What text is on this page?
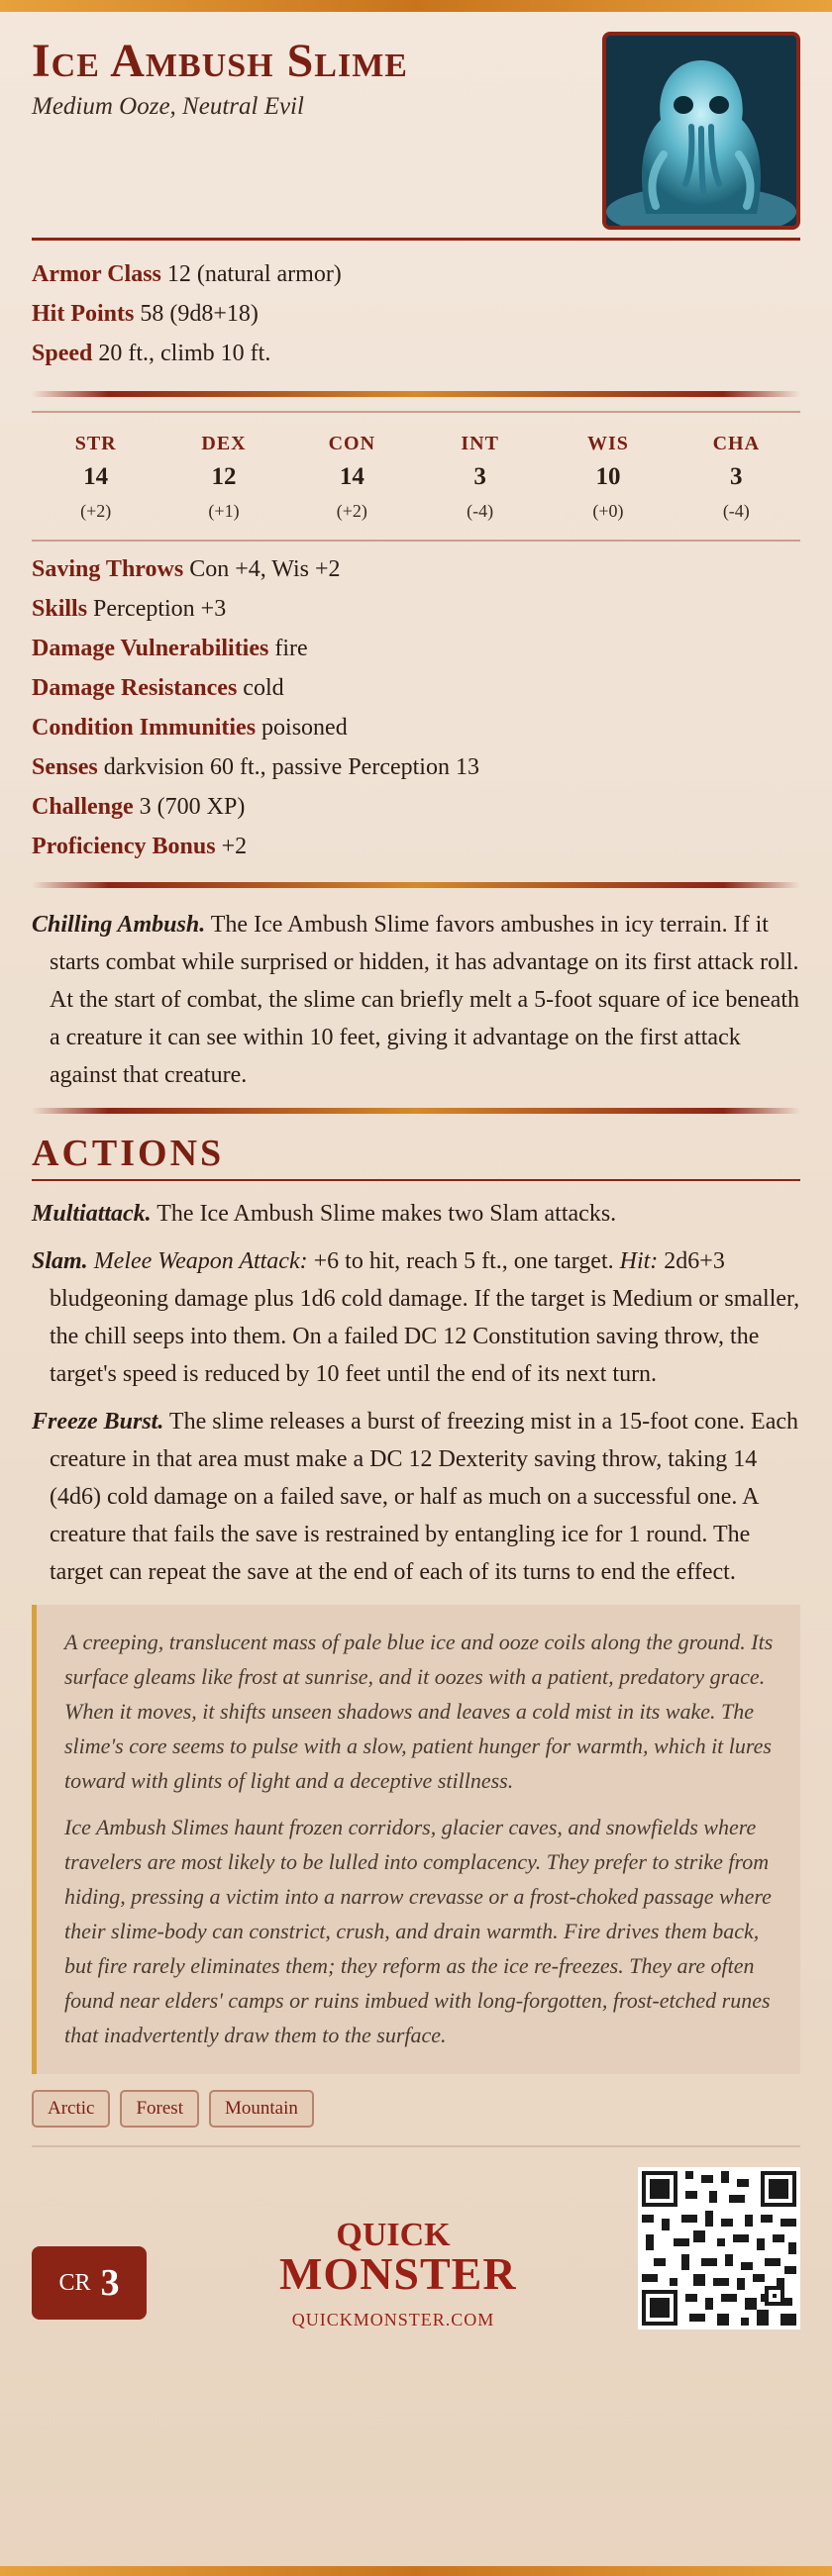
Ice Ambush Slime
Medium Ooze, Neutral Evil
Armor Class 12 (natural armor)
Hit Points 58 (9d8+18)
Speed 20 ft., climb 10 ft.
STR
14
(+2)
DEX
12
(+1)
CON
14
(+2)
INT
3
(-4)
WIS
10
(+0)
CHA
3
(-4)
Saving Throws Con +4, Wis +2
Skills Perception +3
Damage Vulnerabilities fire
Damage Resistances cold
Condition Immunities poisoned
Senses darkvision 60 ft., passive Perception 13
Challenge 3 (700 XP)
Proficiency Bonus +2
Chilling Ambush. The Ice Ambush Slime favors ambushes in icy terrain. If it starts combat while surprised or hidden, it has advantage on its first attack roll. At the start of combat, the slime can briefly melt a 5-foot square of ice beneath a creature it can see within 10 feet, giving it advantage on the first attack against that creature.
ACTIONS
Multiattack. The Ice Ambush Slime makes two Slam attacks.
Slam. Melee Weapon Attack: +6 to hit, reach 5 ft., one target. Hit: 2d6+3 bludgeoning damage plus 1d6 cold damage. If the target is Medium or smaller, the chill seeps into them. On a failed DC 12 Constitution saving throw, the target's speed is reduced by 10 feet until the end of its next turn.
Freeze Burst. The slime releases a burst of freezing mist in a 15-foot cone. Each creature in that area must make a DC 12 Dexterity saving throw, taking 14 (4d6) cold damage on a failed save, or half as much on a successful one. A creature that fails the save is restrained by entangling ice for 1 round. The target can repeat the save at the end of each of its turns to end the effect.

A creeping, translucent mass of pale blue ice and ooze coils along the ground. Its surface gleams like frost at sunrise, and it oozes with a patient, predatory grace. When it moves, it shifts unseen shadows and leaves a cold mist in its wake. The slime's core seems to pulse with a slow, patient hunger for warmth, which it lures toward with glints of light and a deceptive stillness.

Ice Ambush Slimes haunt frozen corridors, glacier caves, and snowfields where travelers are most likely to be lulled into complacency. They prefer to strike from hiding, pressing a victim into a narrow crevasse or a frost-choked passage where their slime-body can constrict, crush, and drain warmth. Fire drives them back, but fire rarely eliminates them; they reform as the ice re-freezes. They are often found near elders' camps or ruins imbued with long-forgotten, frost-etched runes that inadvertently draw them to the surface.

Arctic	Forest	Mountain
CR 3
QUICK
MONSTER
QUICKMONSTER.COM
